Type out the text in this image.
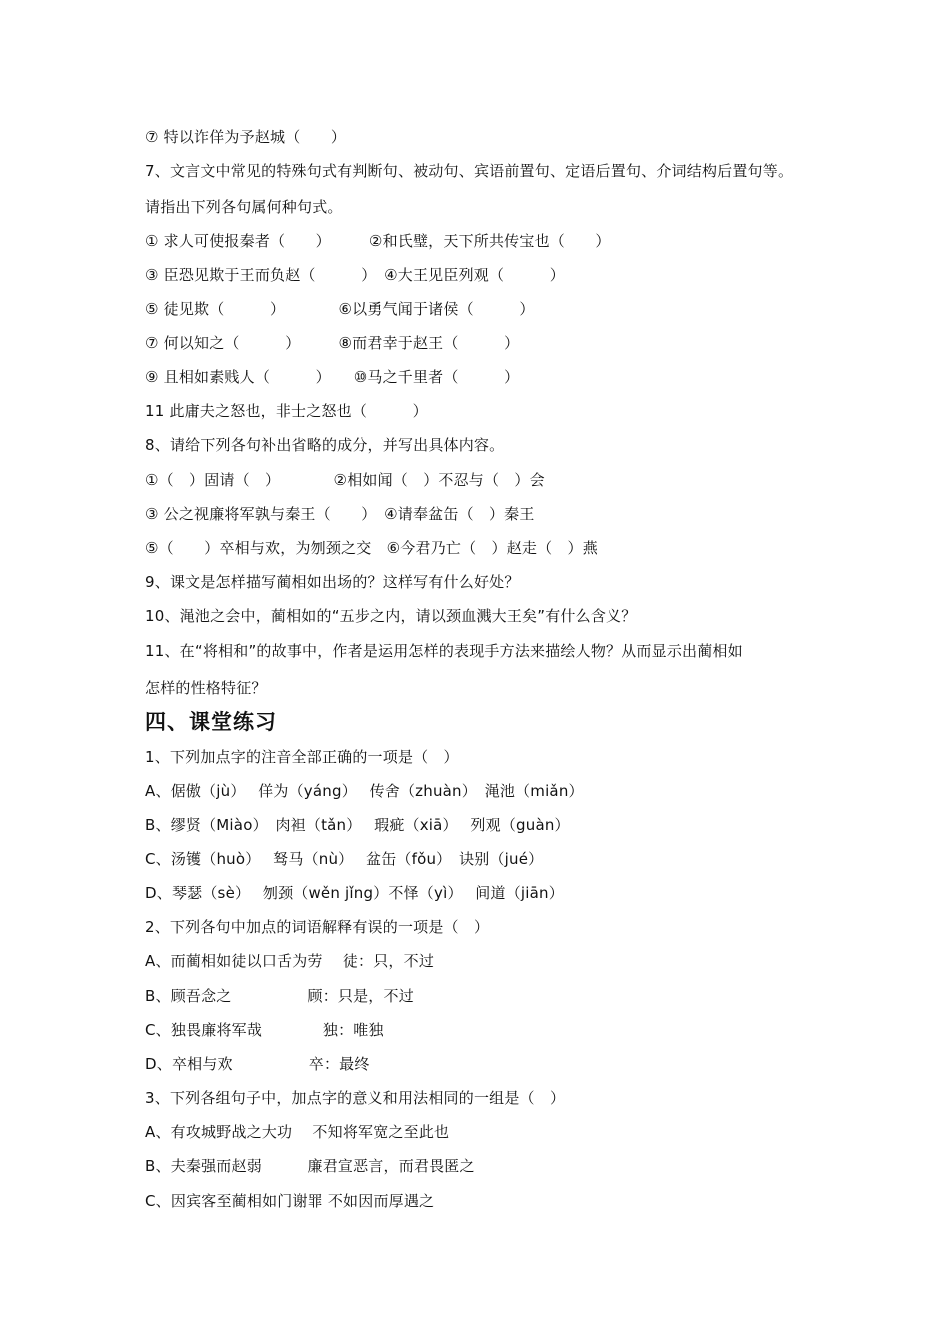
⑦ 特以诈佯为予赵城（　　）
7、文言文中常见的特殊句式有判断句、被动句、宾语前置句、定语后置句、介词结构后置句等。
请指出下列各句属何种句式。
① 求人可使报秦者（　　）　　　②和氏璧，天下所共传宝也（　　）
③ 臣恐见欺于王而负赵（　　　）　④大王见臣列观（　　　）
⑤ 徒见欺（　　　）　　　　⑥以勇气闻于诸侯（　　　）
⑦ 何以知之（　　　）　　　⑧而君幸于赵王（　　　）
⑨ 且相如素贱人（　　　）　　⑩马之千里者（　　　）
11 此庸夫之怒也，非士之怒也（　　　）
8、请给下列各句补出省略的成分，并写出具体内容。
①（　）固请（　）　　　　②相如闻（　）不忍与（　）会
③ 公之视廉将军孰与秦王（　　）　④请奉盆缶（　）秦王
⑤（　　）卒相与欢，为刎颈之交　⑥今君乃亡（　）赵走（　）燕
9、课文是怎样描写蔺相如出场的？这样写有什么好处？
10、渑池之会中，蔺相如的“五步之内，请以颈血溅大王矣”有什么含义？
11、在“将相和”的故事中，作者是运用怎样的表现手方法来描绘人物？从而显示出蔺相如
怎样的性格特征？
四、课堂练习
1、下列加点字的注音全部正确的一项是（　）
A、倨傲（jù）　 佯为（yáng）　 传舍（zhuàn）　渑池（miǎn）
B、缪贤（Miào）　肉袒（tǎn）　 瑕疵（xiā）　 列观（guàn）
C、汤镬（huò）　 驽马（nù）　 盆缶（fǒu）　诀别（jué）
D、琴瑟（sè）　 刎颈（wěn jǐng）不怿（yì）　 间道（jiān）
2、下列各句中加点的词语解释有误的一项是（　）
A、而蔺相如徒以口舌为劳　 徒：只，不过
B、顾吾念之　　　　　顾：只是，不过
C、独畏廉将军哉　　　　独：唯独
D、卒相与欢　　　　　卒：最终
3、下列各组句子中，加点字的意义和用法相同的一组是（　）
A、有攻城野战之大功　 不知将军宽之至此也
B、夫秦强而赵弱　　　廉君宣恶言，而君畏匿之
C、因宾客至蔺相如门谢罪 不如因而厚遇之
